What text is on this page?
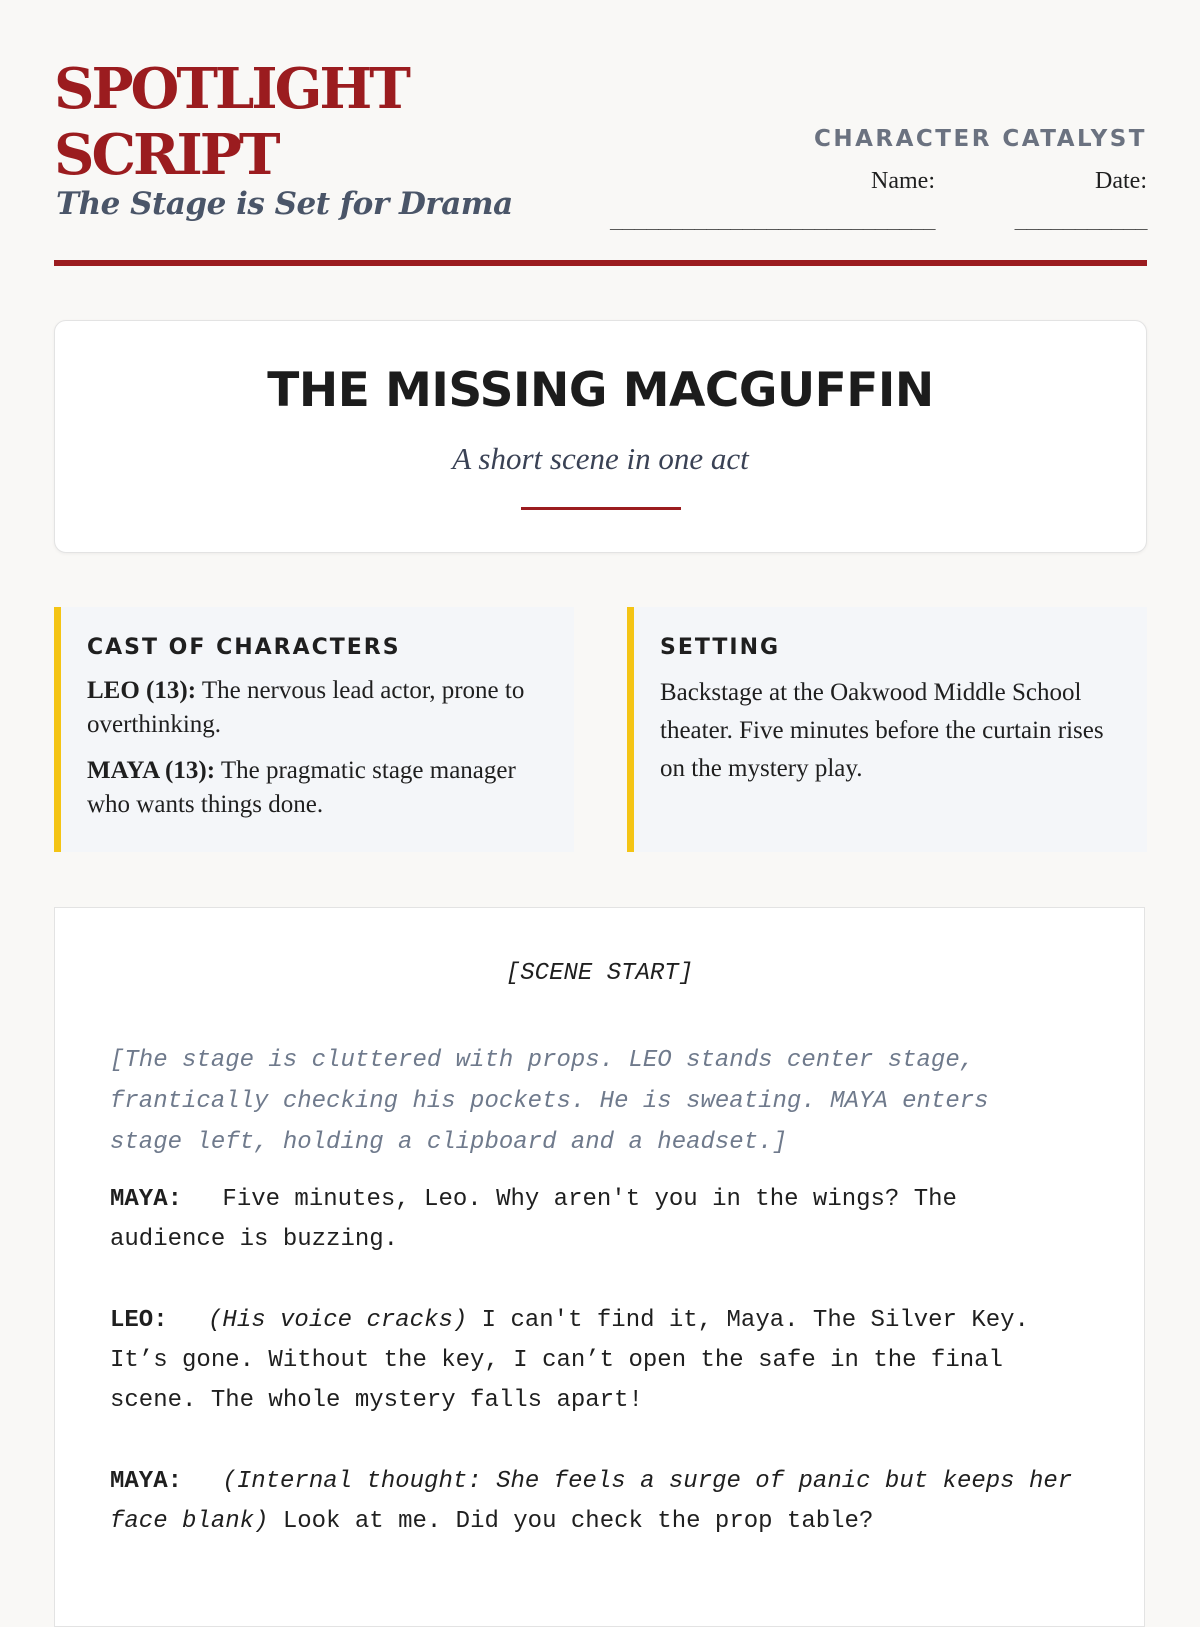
SPOTLIGHT SCRIPT

The Stage is Set for Drama

CHARACTER CATALYST
Name:
___________________________
Date:
___________
THE MISSING MACGUFFIN

A short scene in one act

CAST OF CHARACTERS

LEO (13): The nervous lead actor, prone to overthinking.

MAYA (13): The pragmatic stage manager who wants things done.

SETTING

Backstage at the Oakwood Middle School theater. Five minutes before the curtain rises on the mystery play.

[SCENE START]

[The stage is cluttered with props. LEO stands center stage, frantically checking his pockets. He is sweating. MAYA enters stage left, holding a clipboard and a headset.]

MAYA: Five minutes, Leo. Why aren't you in the wings? The audience is buzzing.

LEO: (His voice cracks) I can't find it, Maya. The Silver Key. It’s gone. Without the key, I can’t open the safe in the final scene. The whole mystery falls apart!

MAYA: (Internal thought: She feels a surge of panic but keeps her face blank) Look at me. Did you check the prop table?
